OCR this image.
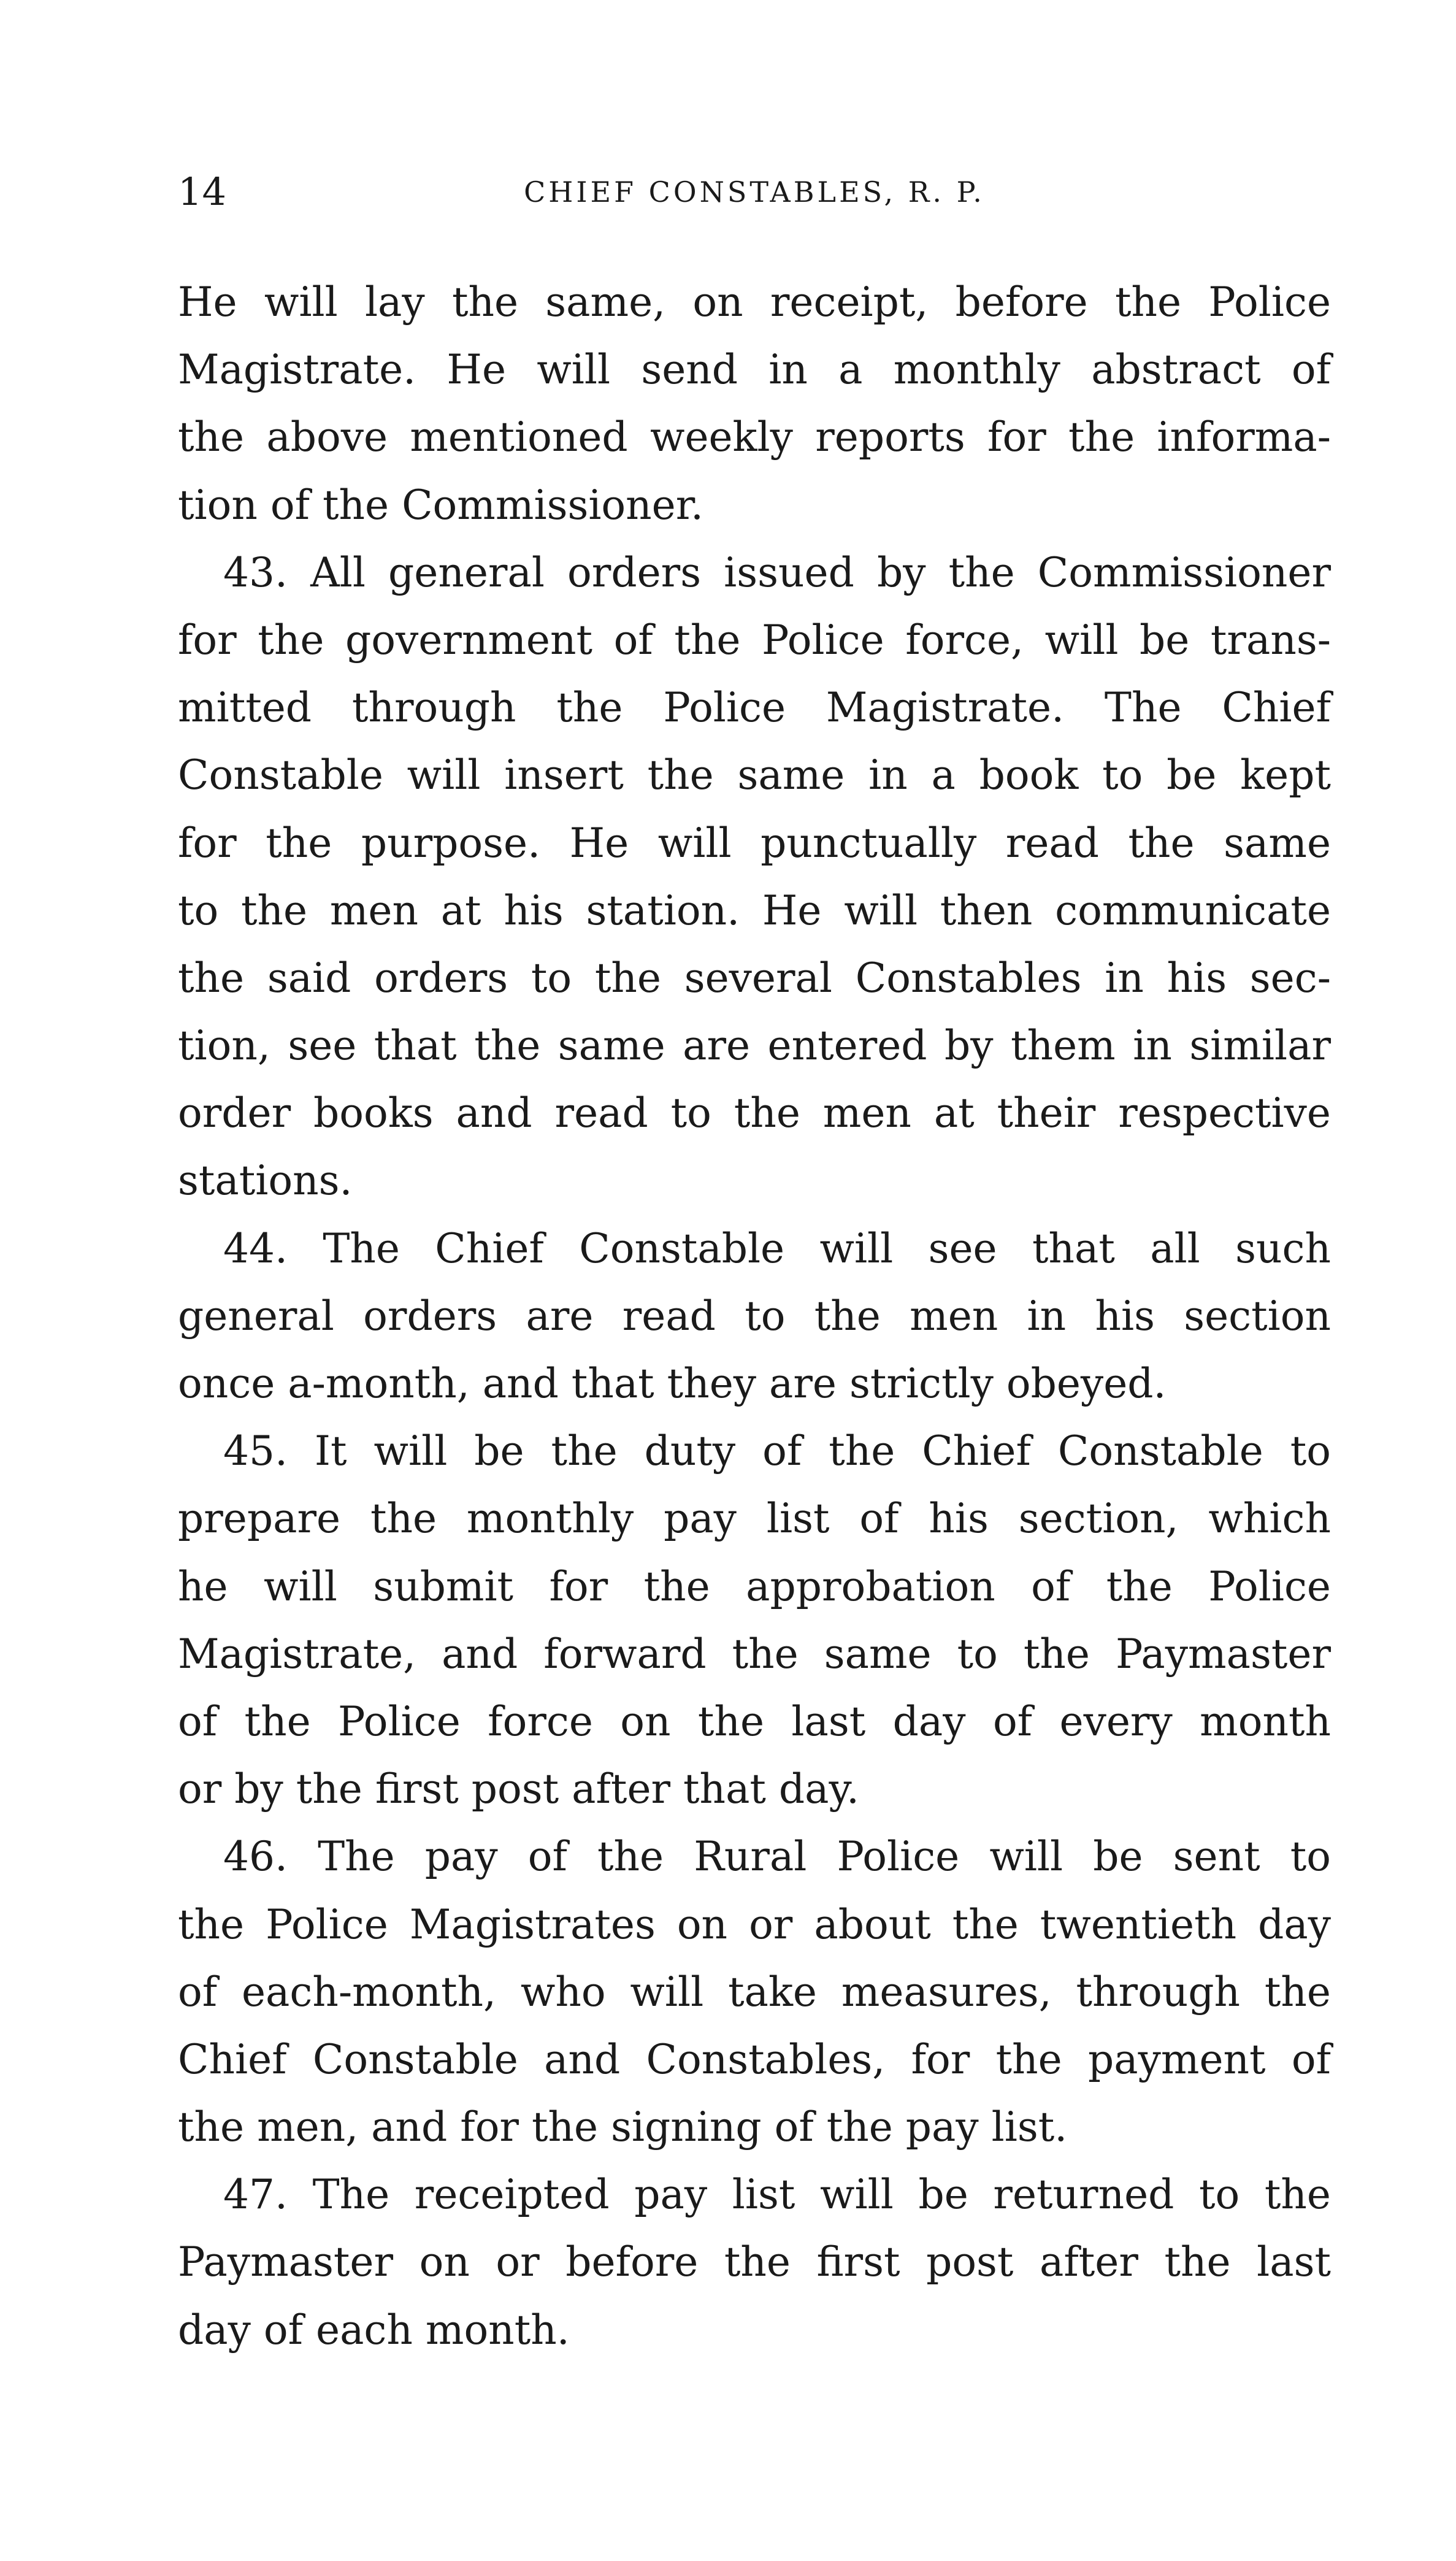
14	CHIEF CONSTABLES, R. P.
He will lay the same, on receipt, before the Police
Magistrate. He will send in a monthly abstract of
the above mentioned weekly reports for the informa-
tion of the Commissioner.
43. All general orders issued by the Commissioner
for the government of the Police force, will be trans-
mitted through the Police Magistrate. The Chief
Constable will insert the same in a book to be kept
for the purpose. He will punctually read the same
to the men at his station. He will then communicate
the said orders to the several Constables in his sec-
tion, see that the same are entered by them in similar
order books and read to the men at their respective
stations.
44. The Chief Constable will see that all such
general orders are read to the men in his section
once a-month, and that they are strictly obeyed.
45. It will be the duty of the Chief Constable to
prepare the monthly pay list of his section, which
he will submit for the approbation of the Police
Magistrate, and forward the same to the Paymaster
of the Police force on the last day of every month
or by the first post after that day.
46. The pay of the Rural Police will be sent to
the Police Magistrates on or about the twentieth day
of each-month, who will take measures, through the
Chief Constable and Constables, for the payment of
the men, and for the signing of the pay list.
47. The receipted pay list will be returned to the
Paymaster on or before the first post after the last
day of each month.
